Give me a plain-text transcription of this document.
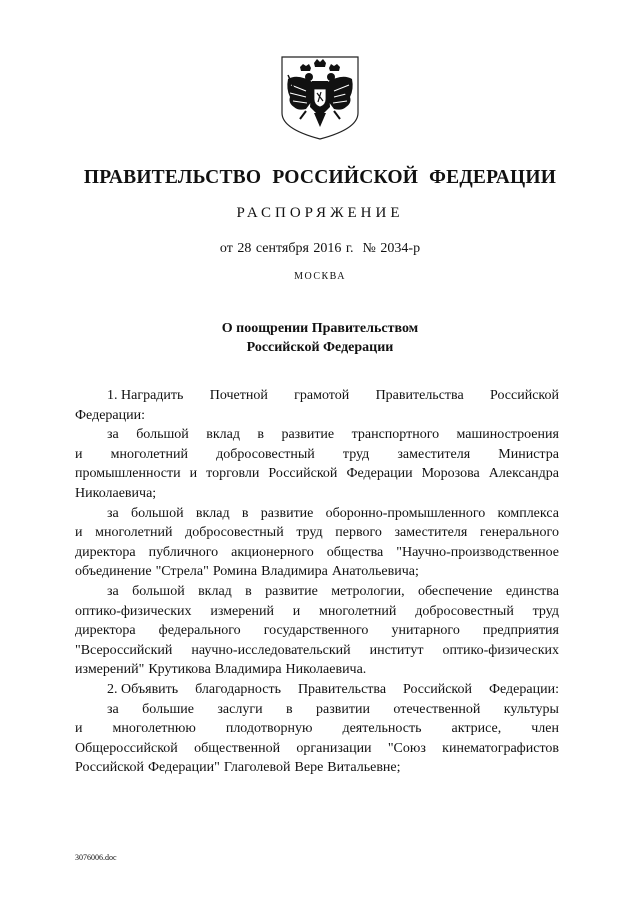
ПРАВИТЕЛЬСТВО РОССИЙСКОЙ ФЕДЕРАЦИИ
РАСПОРЯЖЕНИЕ
от 28 сентября 2016 г. № 2034-р
МОСКВА
О поощрении Правительством
Российской Федерации
1. Наградить Почетной грамотой Правительства Российской
Федерации:
за большой вклад в развитие транспортного машиностроения
и многолетний добросовестный труд заместителя Министра
промышленности и торговли Российской Федерации Морозова Александра
Николаевича;
за большой вклад в развитие оборонно-промышленного комплекса
и многолетний добросовестный труд первого заместителя генерального
директора публичного акционерного общества "Научно-производственное
объединение "Стрела" Ромина Владимира Анатольевича;
за большой вклад в развитие метрологии, обеспечение единства
оптико-физических измерений и многолетний добросовестный труд
директора федерального государственного унитарного предприятия
"Всероссийский научно-исследовательский институт оптико-физических
измерений" Крутикова Владимира Николаевича.
2. Объявить благодарность Правительства Российской Федерации:
за большие заслуги в развитии отечественной культуры
и многолетнюю плодотворную деятельность актрисе, член
Общероссийской общественной организации "Союз кинематографистов
Российской Федерации" Глаголевой Вере Витальевне;
3076006.doc
